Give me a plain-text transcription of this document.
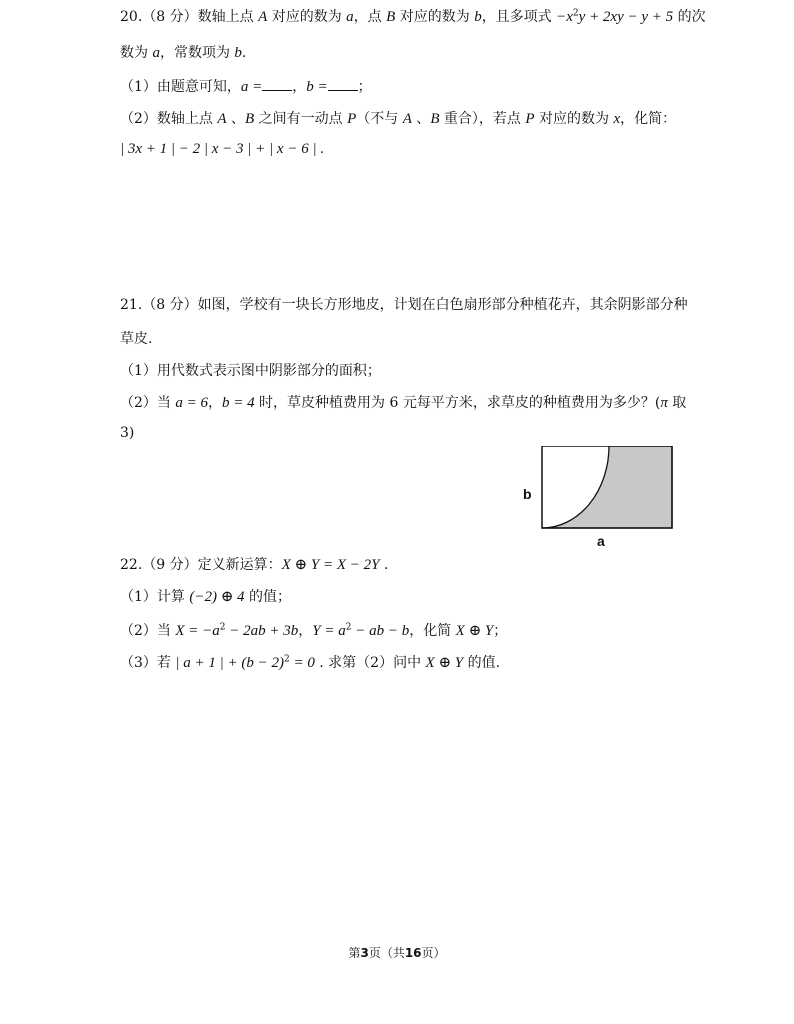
20.（8 分）数轴上点 A 对应的数为 a，点 B 对应的数为 b，且多项式 $-x^2y + 2xy - y + 5$ 的次
数为 a，常数项为 b.
（1）由题意可知，a = ，b = ；
（2）数轴上点 A 、B 之间有一动点 P（不与 A 、B 重合），若点 P 对应的数为 x，化简：
| 3x + 1 | − 2 | x − 3 | + | x − 6 | .
21.（8 分）如图，学校有一块长方形地皮，计划在白色扇形部分种植花卉，其余阴影部分种
草皮.
（1）用代数式表示图中阴影部分的面积；
（2）当 a = 6，b = 4 时，草皮种植费用为 6 元每平方米，求草皮的种植费用为多少？(π 取
3)
b
a
22.（9 分）定义新运算：X ⊕ Y = X − 2Y .
（1）计算 (−2) ⊕ 4 的值；
（2）当 $X = -a^2 - 2ab + 3b$，$Y = a^2$ − ab − b，化简 X ⊕ Y；
（3）若 | a + 1 | + $(b - 2)^2 = 0$ . 求第（2）问中 X ⊕ Y 的值.
第3页（共16页）
